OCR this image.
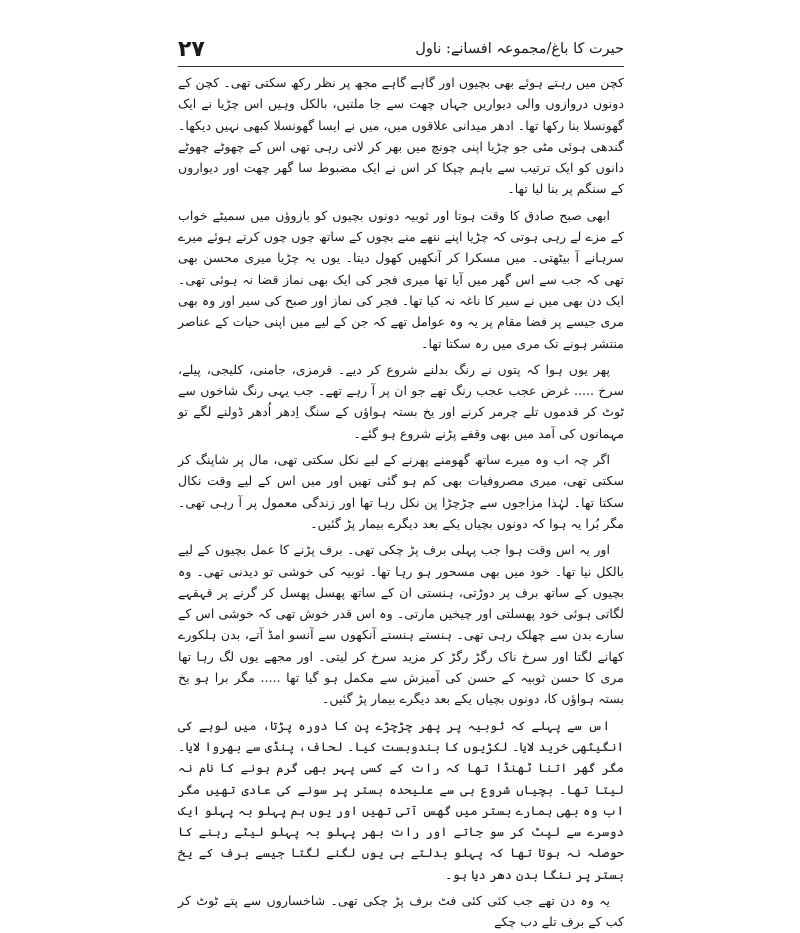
۲۷	حیرت کا باغ/مجموعہ افسانے: ناول

کچن میں رہتے ہوئے بھی بچیوں اور گاہے گاہے مجھ پر نظر رکھ سکتی تھی۔ کچن کے دونوں دروازوں والی دیواریں جہاں چھت سے جا ملتیں، بالکل وہیں اس چڑیا نے ایک گھونسلا بنا رکھا تھا۔ ادھر میدانی علاقوں میں، میں نے ایسا گھونسلا کبھی نہیں دیکھا۔ گندھی ہوئی مٹی جو چڑیا اپنی چونچ میں بھر کر لاتی رہی تھی اس کے چھوٹے چھوٹے دانوں کو ایک ترتیب سے باہم چپکا کر اس نے ایک مضبوط سا گھر چھت اور دیواروں کے سنگم پر بنا لیا تھا۔

ابھی صبح صادق کا وقت ہوتا اور ثوبیہ دونوں بچیوں کو بازوؤں میں سمیٹے خواب کے مزے لے رہی ہوتی کہ چڑیا اپنے ننھے منے بچوں کے ساتھ چوں چوں کرتے ہوئے میرے سرہانے آ بیٹھتی۔ میں مسکرا کر آنکھیں کھول دیتا۔ یوں یہ چڑیا میری محسن بھی تھی کہ جب سے اس گھر میں آیا تھا میری فجر کی ایک بھی نماز قضا نہ ہوئی تھی۔ ایک دن بھی میں نے سیر کا ناغہ نہ کیا تھا۔ فجر کی نماز اور صبح کی سیر اور وہ بھی مری جیسے پر فضا مقام پر یہ وہ عوامل تھے کہ جن کے لیے میں اپنی حیات کے عناصر منتشر ہونے تک مری میں رہ سکتا تھا۔

پھر یوں ہوا کہ پتوں نے رنگ بدلنے شروع کر دیے۔ قرمزی، جامنی، کلیجی، پیلے، سرخ ..... غرض عجب عجب رنگ تھے جو ان پر آ رہے تھے۔ جب یہی رنگ شاخوں سے ٹوٹ کر قدموں تلے چرمر کرنے اور یخ بستہ ہواؤں کے سنگ اِدھر اُدھر ڈولنے لگے تو مہمانوں کی آمد میں بھی وقفے پڑنے شروع ہو گئے۔

اگر چہ اب وہ میرے ساتھ گھومنے پھرنے کے لیے نکل سکتی تھی، مال پر شاپنگ کر سکتی تھی، میری مصروفیات بھی کم ہو گئی تھیں اور میں اس کے لیے وقت نکال سکتا تھا۔ لہٰذا مزاجوں سے چڑچڑا پن نکل رہا تھا اور زندگی معمول پر آ رہی تھی۔ مگر بُرا یہ ہوا کہ دونوں بچیاں یکے بعد دیگرے بیمار پڑ گئیں۔

اور یہ اس وقت ہوا جب پہلی برف پڑ چکی تھی۔ برف پڑنے کا عمل بچیوں کے لیے بالکل نیا تھا۔ خود میں بھی مسحور ہو رہا تھا۔ ثوبیہ کی خوشی تو دیدنی تھی۔ وہ بچیوں کے ساتھ برف پر دوڑتی، ہنستی ان کے ساتھ پھسل پھسل کر گرنے پر قہقہے لگاتی ہوئی خود پھسلتی اور چیخیں مارتی۔ وہ اس قدر خوش تھی کہ خوشی اس کے سارے بدن سے چھلک رہی تھی۔ ہنستے ہنستے آنکھوں سے آنسو امڈ آتے، بدن ہلکورے کھانے لگتا اور سرخ ناک رگڑ رگڑ کر مزید سرخ کر لیتی۔ اور مجھے یوں لگ رہا تھا مری کا حسن ثوبیہ کے حسن کی آمیزش سے مکمل ہو گیا تھا ..... مگر برا ہو یخ بستہ ہواؤں کا، دونوں بچیاں یکے بعد دیگرے بیمار پڑ گئیں۔

اس سے پہلے کہ ثوبیہ پر پھر چڑچڑے پن کا دورہ پڑتا، میں لوہے کی انگیٹھی خرید لایا۔ لکڑیوں کا بندوبست کیا۔ لحاف، پنڈی سے بھروا لایا۔ مگر گھر اتنا ٹھنڈا تھا کہ رات کے کسی پہر بھی گرم ہونے کا نام نہ لیتا تھا۔ بچیاں شروع ہی سے علیحدہ بستر پر سونے کی عادی تھیں مگر اب وہ بھی ہمارے بستر میں گھس آتی تھیں اور یوں ہم پہلو بہ پہلو ایک دوسرے سے لپٹ کر سو جاتے اور رات بھر پہلو بہ پہلو لیٹے رہنے کا حوصلہ نہ ہوتا تھا کہ پہلو بدلتے ہی یوں لگنے لگتا جیسے برف کے یخ بستر پر ننگا بدن دھر دیا ہو۔

یہ وہ دن تھے جب کئی کئی فٹ برف پڑ چکی تھی۔ شاخساروں سے پتے ٹوٹ کر کب کے برف تلے دب چکے
